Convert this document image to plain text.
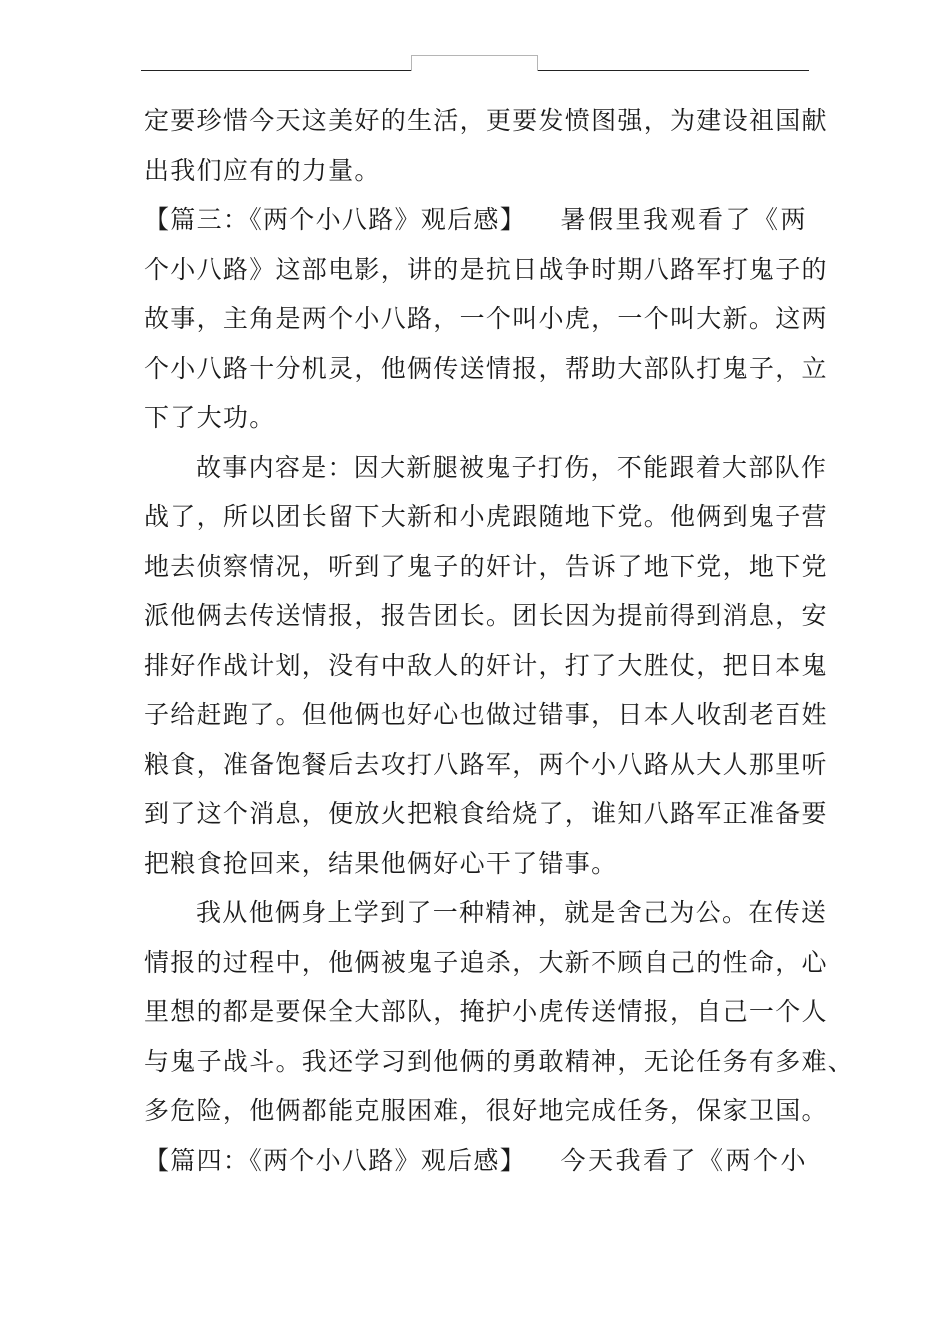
定要珍惜今天这美好的生活，更要发愤图强，为建设祖国献
出我们应有的力量。
【篇三：《两个小八路》观后感】 暑假里我观看了《两
个小八路》这部电影，讲的是抗日战争时期八路军打鬼子的
故事，主角是两个小八路，一个叫小虎，一个叫大新。这两
个小八路十分机灵，他俩传送情报，帮助大部队打鬼子，立
下了大功。
故事内容是：因大新腿被鬼子打伤，不能跟着大部队作
战了，所以团长留下大新和小虎跟随地下党。他俩到鬼子营
地去侦察情况，听到了鬼子的奸计，告诉了地下党，地下党
派他俩去传送情报，报告团长。团长因为提前得到消息，安
排好作战计划，没有中敌人的奸计，打了大胜仗，把日本鬼
子给赶跑了。但他俩也好心也做过错事，日本人收刮老百姓
粮食，准备饱餐后去攻打八路军，两个小八路从大人那里听
到了这个消息，便放火把粮食给烧了，谁知八路军正准备要
把粮食抢回来，结果他俩好心干了错事。
我从他俩身上学到了一种精神，就是舍己为公。在传送
情报的过程中，他俩被鬼子追杀，大新不顾自己的性命，心
里想的都是要保全大部队，掩护小虎传送情报，自己一个人
与鬼子战斗。我还学习到他俩的勇敢精神，无论任务有多难、
多危险，他俩都能克服困难，很好地完成任务，保家卫国。
【篇四：《两个小八路》观后感】 今天我看了《两个小
